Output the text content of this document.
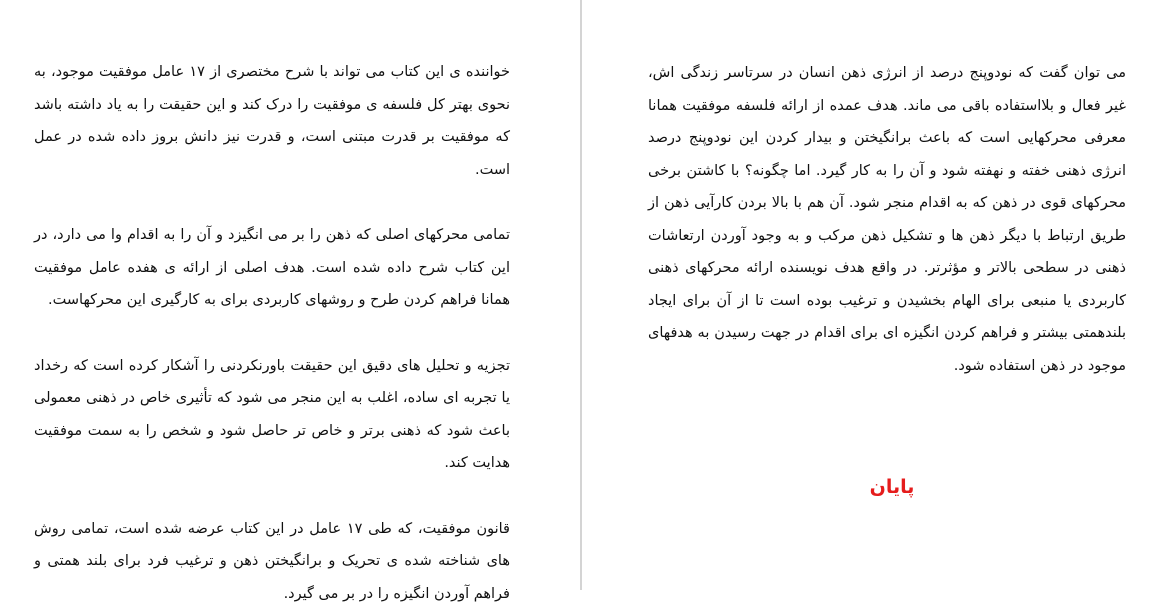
خواننده ی این کتاب می تواند با شرح مختصری از ۱۷ عامل موفقیت موجود، به نحوی بهتر کل فلسفه ی موفقیت را درک کند و این حقیقت را به یاد داشته باشد که موفقیت بر قدرت مبتنی است، و قدرت نیز دانش بروز داده شده در عمل است.

تمامی محرکهای اصلی که ذهن را بر می انگیزد و آن را به اقدام وا می دارد، در این کتاب شرح داده شده است. هدف اصلی از ارائه ی هفده عامل موفقیت همانا فراهم کردن طرح و روشهای کاربردی برای به کارگیری این محرکهاست.

تجزیه و تحلیل های دقیق این حقیقت باورنکردنی را آشکار کرده است که رخداد یا تجربه ای ساده، اغلب به این منجر می شود که تأثیری خاص در ذهنی معمولی باعث شود که ذهنی برتر و خاص تر حاصل شود و شخص را به سمت موفقیت هدایت کند.

قانون موفقیت، که طی ۱۷ عامل در این کتاب عرضه شده است، تمامی روش های شناخته شده ی تحریک و برانگیختن ذهن و ترغیب فرد برای بلند همتی و فراهم آوردن انگیزه را در بر می گیرد.

می توان گفت که نودوپنج درصد از انرژی ذهن انسان در سرتاسر زندگی اش، غیر فعال و بلااستفاده باقی می ماند. هدف عمده از ارائه فلسفه موفقیت همانا معرفی محرکهایی است که باعث برانگیختن و بیدار کردن این نودوپنج درصد انرژی ذهنی خفته و نهفته شود و آن را به کار گیرد. اما چگونه؟ با کاشتن برخی محرکهای قوی در ذهن که به اقدام منجر شود. آن هم با بالا بردن کارآیی ذهن از طریق ارتباط با دیگر ذهن ها و تشکیل ذهن مرکب و به وجود آوردن ارتعاشات ذهنی در سطحی بالاتر و مؤثرتر. در واقع هدف نویسنده ارائه محرکهای ذهنی کاربردی یا منبعی برای الهام بخشیدن و ترغیب بوده است تا از آن برای ایجاد بلندهمتی بیشتر و فراهم کردن انگیزه ای برای اقدام در جهت رسیدن به هدفهای موجود در ذهن استفاده شود.

پایان
